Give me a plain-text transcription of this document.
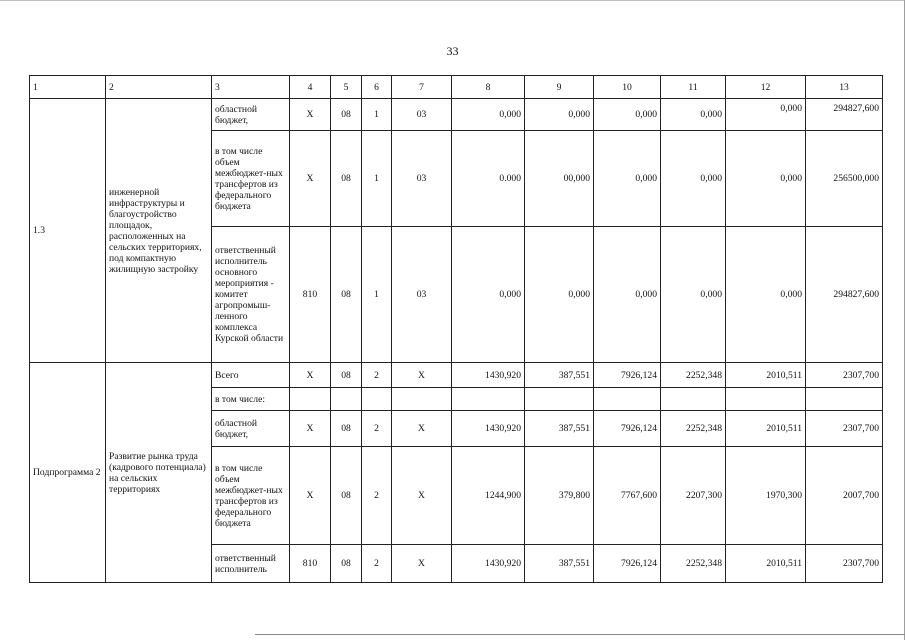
33
1	2	3	4	5	6	7	8	9	10	11	12	13
1.3	инженерной инфраструктуры и благоустройство площадок, расположенных на сельских территориях, под компактную жилищную застройку	областной бюджет,	X	08	1	03	0,000	0,000	0,000	0,000	0,000	294827,600
		в том числе объем межбюджет-ных трансфертов из федерального бюджета	X	08	1	03	0.000	00,000	0,000	0,000	0,000	256500,000
		ответственный исполнитель основного мероприятия - комитет агропромыш-ленного комплекса Курской области	810	08	1	03	0,000	0,000	0,000	0,000	0,000	294827,600
Подпрограмма 2	Развитие рынка труда (кадрового потенциала) на сельских территориях	Всего	X	08	2	X	1430,920	387,551	7926,124	2252,348	2010,511	2307,700
		в том числе:										
		областной бюджет,	X	08	2	X	1430,920	387,551	7926,124	2252,348	2010,511	2307,700
		в том числе объем межбюджет-ных трансфертов из федерального бюджета	X	08	2	X	1244,900	379,800	7767,600	2207,300	1970,300	2007,700
		ответственный исполнитель	810	08	2	X	1430,920	387,551	7926,124	2252,348	2010,511	2307,700
